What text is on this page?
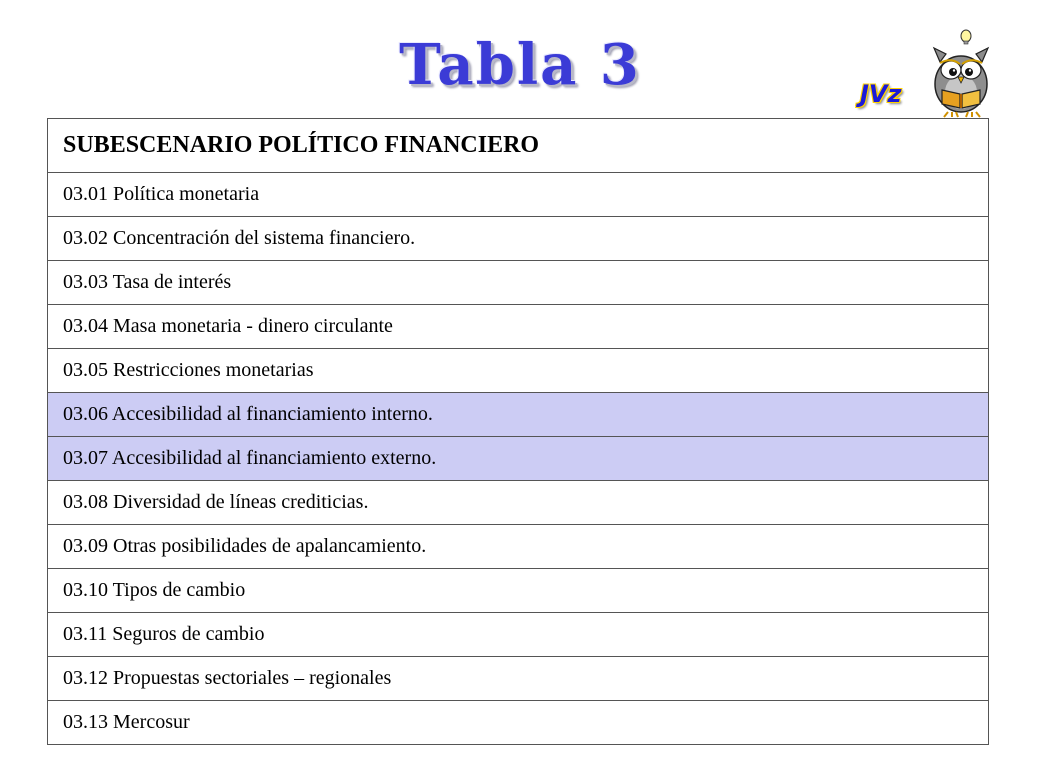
Tabla 3	JVz
SUBESCENARIO POLÍTICO FINANCIERO
03.01 Política monetaria
03.02 Concentración del sistema financiero.
03.03 Tasa de interés
03.04 Masa monetaria - dinero circulante
03.05 Restricciones monetarias
03.06 Accesibilidad al financiamiento interno.
03.07 Accesibilidad al financiamiento externo.
03.08 Diversidad de líneas crediticias.
03.09 Otras posibilidades de apalancamiento.
03.10 Tipos de cambio
03.11 Seguros de cambio
03.12 Propuestas sectoriales – regionales
03.13 Mercosur
